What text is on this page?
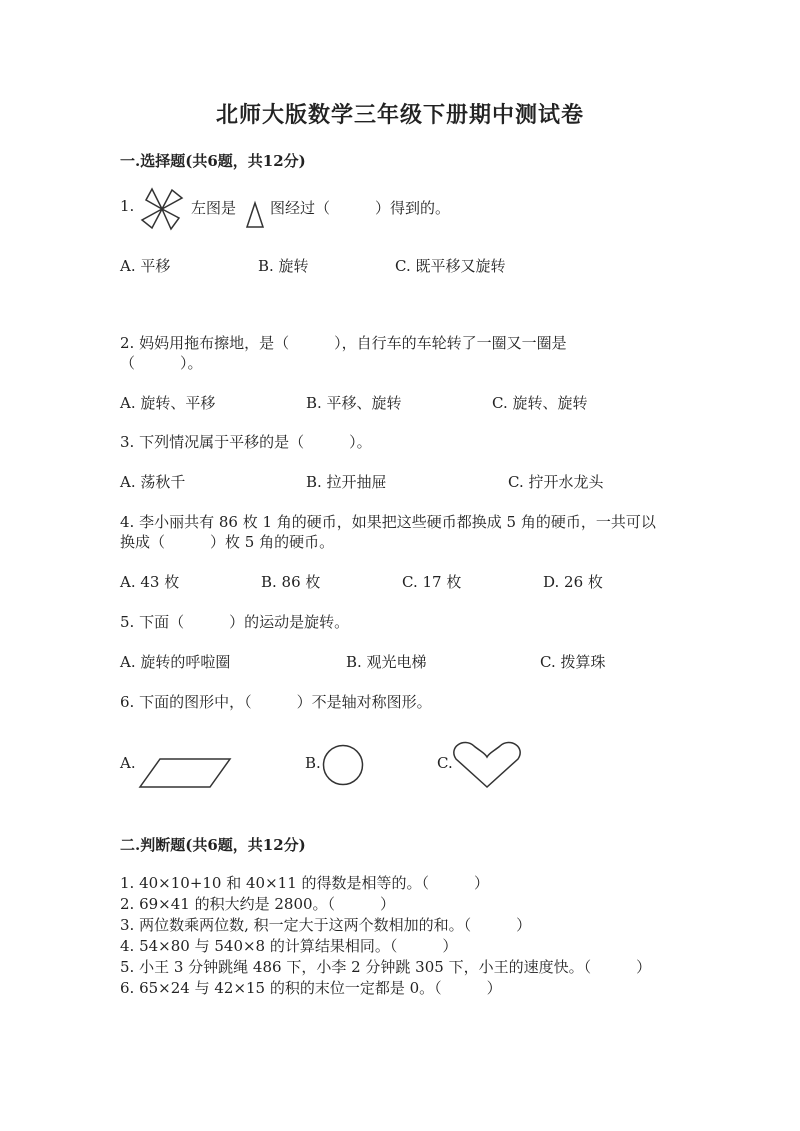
北师大版数学三年级下册期中测试卷
一.选择题(共6题，共12分)
1.	左图是 图经过（　　　）得到的。
A. 平移	B. 旋转	C. 既平移又旋转
2. 妈妈用拖布擦地，是（　　　），自行车的车轮转了一圈又一圈是
（　　　）。
A. 旋转、平移	B. 平移、旋转	C. 旋转、旋转
3. 下列情况属于平移的是（　　　）。
A. 荡秋千	B. 拉开抽屉	C. 拧开水龙头
4. 李小丽共有 86 枚 1 角的硬币，如果把这些硬币都换成 5 角的硬币，一共可以
换成（　　　）枚 5 角的硬币。
A. 43 枚	B. 86 枚	C. 17 枚	D. 26 枚
5. 下面（　　　）的运动是旋转。
A. 旋转的呼啦圈	B. 观光电梯	C. 拨算珠
6. 下面的图形中，（　　　）不是轴对称图形。
A.	B.	C.
二.判断题(共6题，共12分)
1. 40×10+10 和 40×11 的得数是相等的。（　　　）
2. 69×41 的积大约是 2800。（　　　）
3. 两位数乘两位数, 积一定大于这两个数相加的和。（　　　）
4. 54×80 与 540×8 的计算结果相同。（　　　）
5. 小王 3 分钟跳绳 486 下，小李 2 分钟跳 305 下，小王的速度快。（　　　）
6. 65×24 与 42×15 的积的末位一定都是 0。（　　　）
